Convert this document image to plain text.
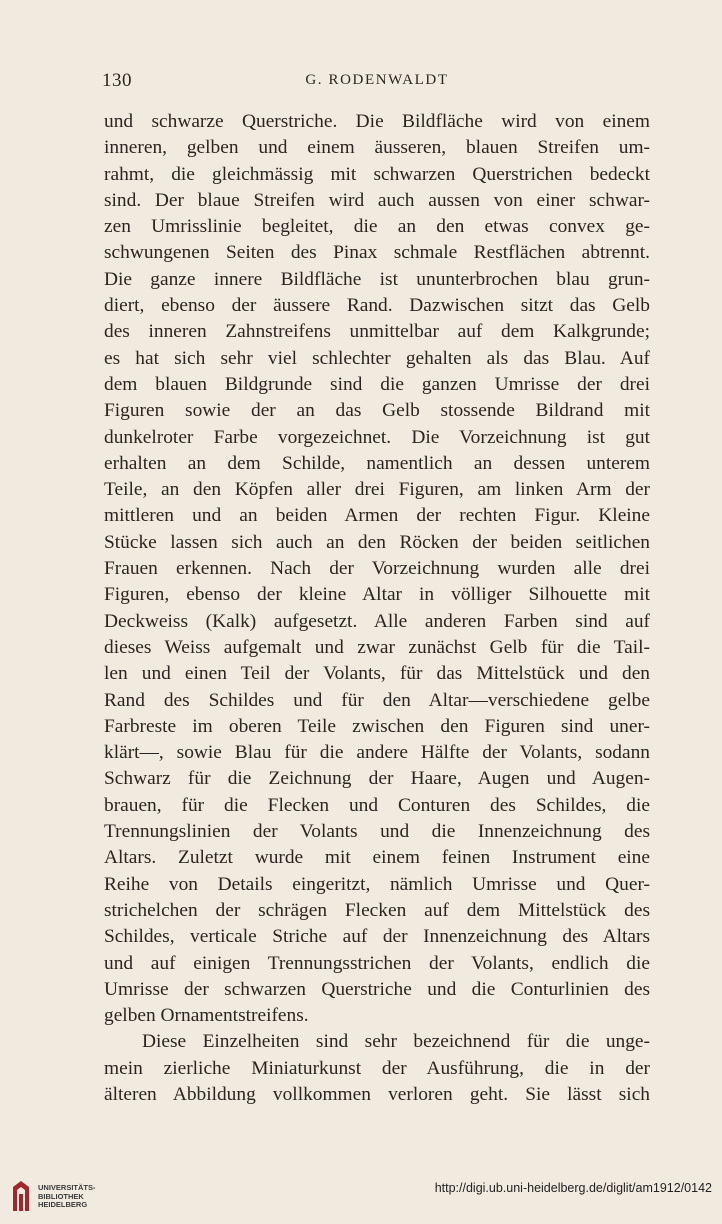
130	G. RODENWALDT
und schwarze Querstriche. Die Bildfläche wird von einem
inneren, gelben und einem äusseren, blauen Streifen um-
rahmt, die gleichmässig mit schwarzen Querstrichen bedeckt
sind. Der blaue Streifen wird auch aussen von einer schwar-
zen Umrisslinie begleitet, die an den etwas convex ge-
schwungenen Seiten des Pinax schmale Restflächen abtrennt.
Die ganze innere Bildfläche ist ununterbrochen blau grun-
diert, ebenso der äussere Rand. Dazwischen sitzt das Gelb
des inneren Zahnstreifens unmittelbar auf dem Kalkgrunde;
es hat sich sehr viel schlechter gehalten als das Blau. Auf
dem blauen Bildgrunde sind die ganzen Umrisse der drei
Figuren sowie der an das Gelb stossende Bildrand mit
dunkelroter Farbe vorgezeichnet. Die Vorzeichnung ist gut
erhalten an dem Schilde, namentlich an dessen unterem
Teile, an den Köpfen aller drei Figuren, am linken Arm der
mittleren und an beiden Armen der rechten Figur. Kleine
Stücke lassen sich auch an den Röcken der beiden seitlichen
Frauen erkennen. Nach der Vorzeichnung wurden alle drei
Figuren, ebenso der kleine Altar in völliger Silhouette mit
Deckweiss (Kalk) aufgesetzt. Alle anderen Farben sind auf
dieses Weiss aufgemalt und zwar zunächst Gelb für die Tail-
len und einen Teil der Volants, für das Mittelstück und den
Rand des Schildes und für den Altar—verschiedene gelbe
Farbreste im oberen Teile zwischen den Figuren sind uner-
klärt—, sowie Blau für die andere Hälfte der Volants, sodann
Schwarz für die Zeichnung der Haare, Augen und Augen-
brauen, für die Flecken und Conturen des Schildes, die
Trennungslinien der Volants und die Innenzeichnung des
Altars. Zuletzt wurde mit einem feinen Instrument eine
Reihe von Details eingeritzt, nämlich Umrisse und Quer-
strichelchen der schrägen Flecken auf dem Mittelstück des
Schildes, verticale Striche auf der Innenzeichnung des Altars
und auf einigen Trennungsstrichen der Volants, endlich die
Umrisse der schwarzen Querstriche und die Conturlinien des
gelben Ornamentstreifens.
Diese Einzelheiten sind sehr bezeichnend für die unge-
mein zierliche Miniaturkunst der Ausführung, die in der
älteren Abbildung vollkommen verloren geht. Sie lässt sich
UNIVERSITÄTS-
BIBLIOTHEK
HEIDELBERG
http://digi.ub.uni-heidelberg.de/diglit/am1912/0142
